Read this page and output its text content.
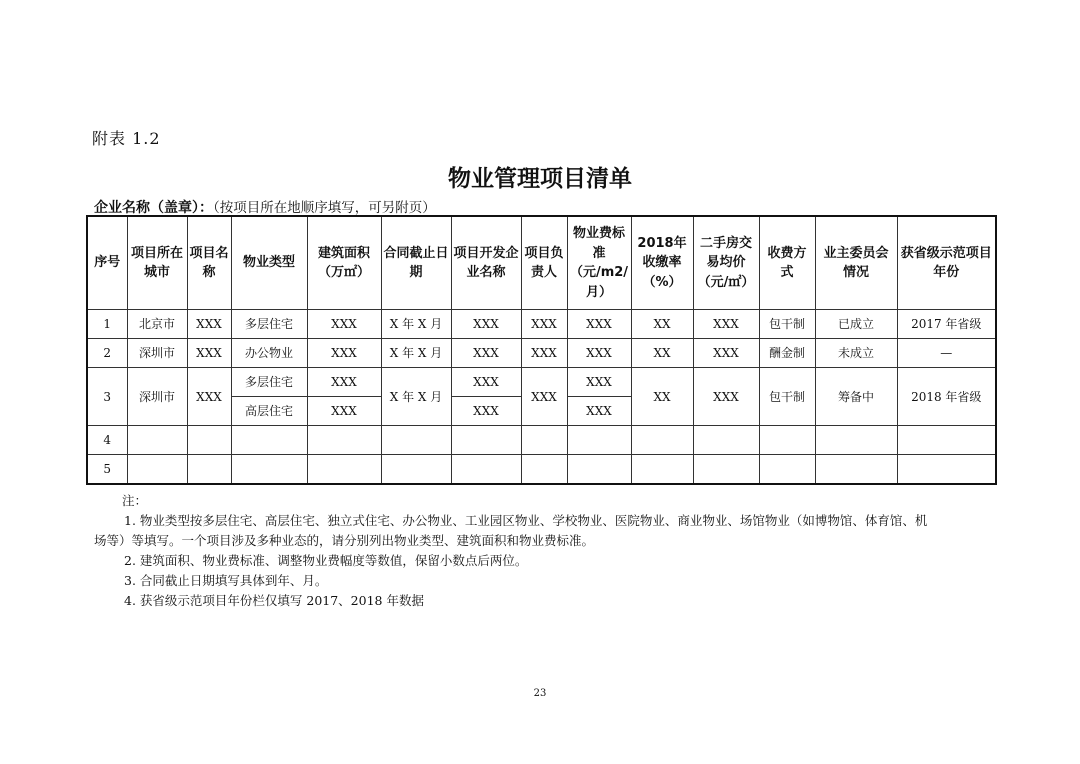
附表 1.2
物业管理项目清单
企业名称（盖章）：（按项目所在地顺序填写，可另附页）
序号	项目所在城市	项目名称	物业类型	建筑面积（万㎡）	合同截止日期	项目开发企业名称	项目负责人	物业费标准（元/m2/月）	2018年收缴率（%）	二手房交易均价（元/㎡）	收费方式	业主委员会情况	获省级示范项目年份
1	北京市	XXX	多层住宅	XXX	X 年 X 月	XXX	XXX	XXX	XX	XXX	包干制	已成立	2017 年省级
2	深圳市	XXX	办公物业	XXX	X 年 X 月	XXX	XXX	XXX	XX	XXX	酬金制	未成立	—
3	深圳市	XXX	多层住宅	XXX	X 年 X 月	XXX	XXX	XXX	XX	XXX	包干制	筹备中	2018 年省级
			高层住宅	XXX		XXX		XXX					
4													
5													
注：
1. 物业类型按多层住宅、高层住宅、独立式住宅、办公物业、工业园区物业、学校物业、医院物业、商业物业、场馆物业（如博物馆、体育馆、机
场等）等填写。一个项目涉及多种业态的，请分别列出物业类型、建筑面积和物业费标准。
2. 建筑面积、物业费标准、调整物业费幅度等数值，保留小数点后两位。
3. 合同截止日期填写具体到年、月。
4. 获省级示范项目年份栏仅填写 2017、2018 年数据
23
